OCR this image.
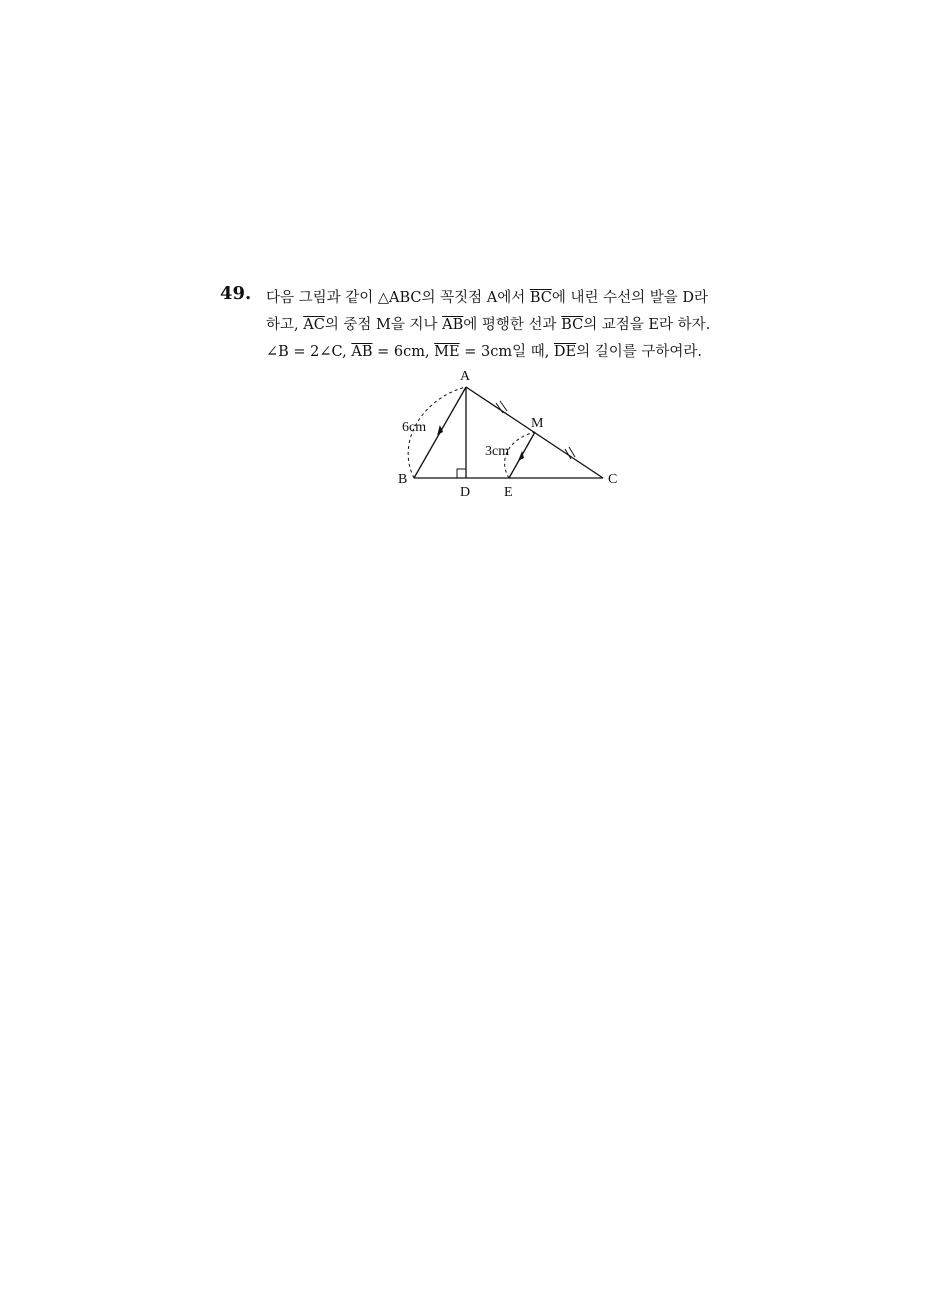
49. 다음 그림과 같이 △ABC의 꼭짓점 A에서 $\overline{BC}$에 내린 수선의 발을 D라
하고, $\overline{AC}$의 중점 M을 지나 $\overline{AB}$에 평행한 선과 $\overline{BC}$의 교점을 E라 하자.
∠B = 2∠C, $\overline{AB} = 6cm$, $\overline{ME} = 3cm$일 때, $\overline{DE}$의 길이를 구하여라.
A
B	C
D E
M
6cm
3cm
